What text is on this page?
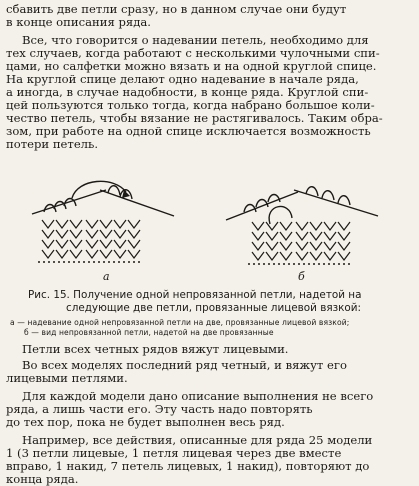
сбавить две петли сразу, но в данном случае они будут
в конце описания ряда.
Все, что говорится о надевании петель, необходимо для
тех случаев, когда работают с несколькими чулочными спи-
цами, но салфетки можно вязать и на одной круглой спице.
На круглой спице делают одно надевание в начале ряда,
а иногда, в случае надобности, в конце ряда. Круглой спи-
цей пользуются только тогда, когда набрано большое коли-
чество петель, чтобы вязание не растягивалось. Таким обра-
зом, при работе на одной спице исключается возможность
потери петель.
а	б
Рис. 15. Получение одной непровязанной петли, надетой на
следующие две петли, провязанные лицевой вязкой:
а — надевание одной непровязанной петли на две, провязанные лицевой вязкой;
б — вид непровязанной петли, надетой на две провязанные
Петли всех четных рядов вяжут лицевыми.
Во всех моделях последний ряд четный, и вяжут его
лицевыми петлями.
Для каждой модели дано описание выполнения не всего
ряда, а лишь части его. Эту часть надо повторять
до тех пор, пока не будет выполнен весь ряд.
Например, все действия, описанные для ряда 25 модели
1 (3 петли лицевые, 1 петля лицевая через две вместе
вправо, 1 накид, 7 петель лицевых, 1 накид), повторяют до
конца ряда.
